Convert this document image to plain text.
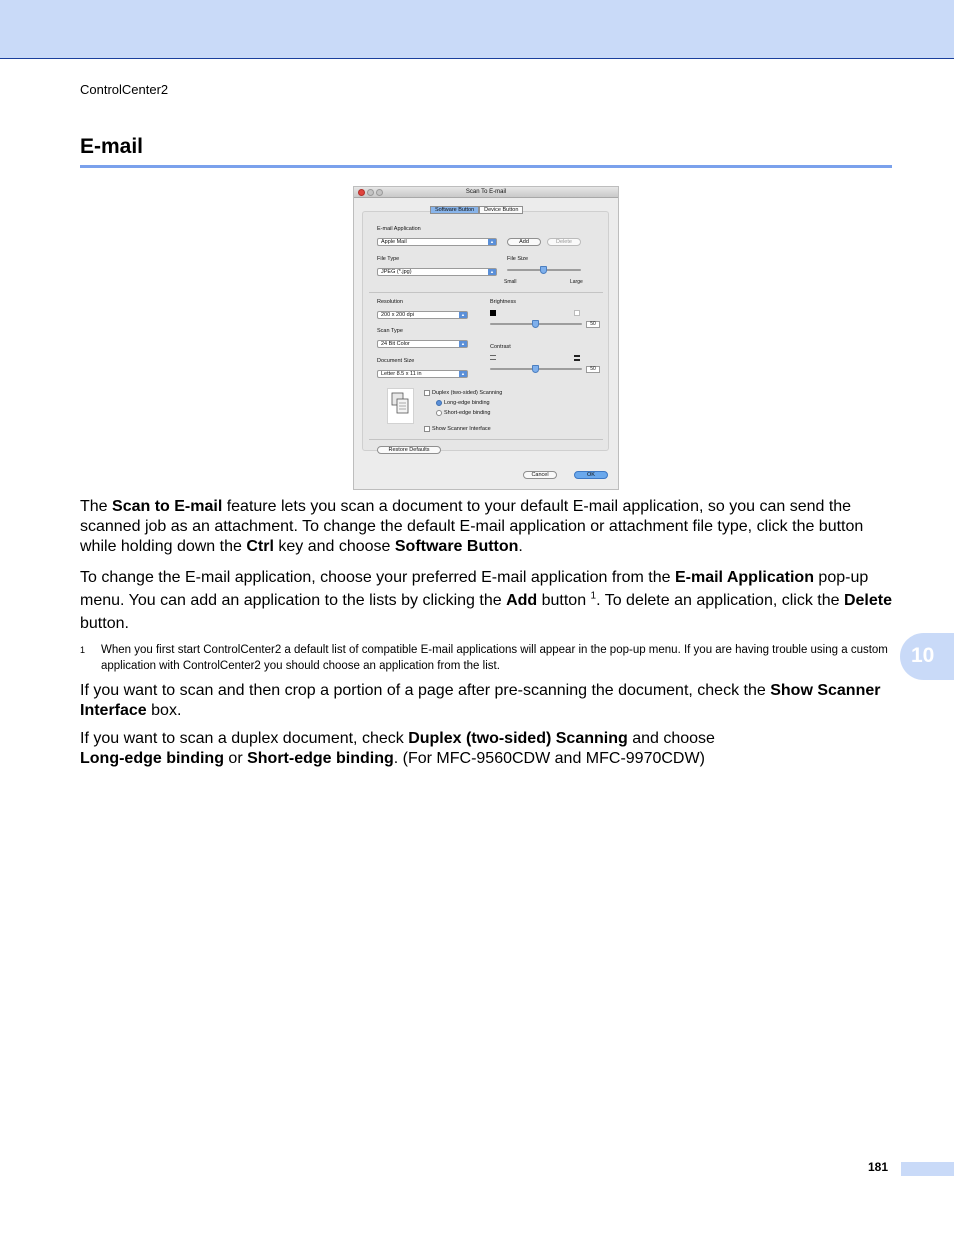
ControlCenter2
E-mail
Scan To E-mail
Software Button	Device Button
E-mail Application
Apple Mail	▲	Add	Delete
File Type
JPEG (*.jpg)	▲
File Size
Small	Large
Resolution
200 x 200 dpi	▲
Scan Type
24 Bit Color	▲
Document Size
Letter 8.5 x 11 in	▲
Brightness
50
Contrast
50
Duplex (two-sided) Scanning
Long-edge binding
Short-edge binding
Show Scanner Interface
Restore Defaults
Cancel	OK
The Scan to E-mail feature lets you scan a document to your default E-mail application, so you can send the scanned job as an attachment. To change the default E-mail application or attachment file type, click the button while holding down the Ctrl key and choose Software Button.
To change the E-mail application, choose your preferred E-mail application from the E-mail Application pop-up menu. You can add an application to the lists by clicking the Add button $^1$. To delete an application, click the Delete button.
1 When you first start ControlCenter2 a default list of compatible E-mail applications will appear in the pop-up menu. If you are having trouble using a custom application with ControlCenter2 you should choose an application from the list.
If you want to scan and then crop a portion of a page after pre-scanning the document, check the Show Scanner Interface box.
If you want to scan a duplex document, check Duplex (two-sided) Scanning and choose
Long-edge binding or Short-edge binding. (For MFC-9560CDW and MFC-9970CDW)
10
181
